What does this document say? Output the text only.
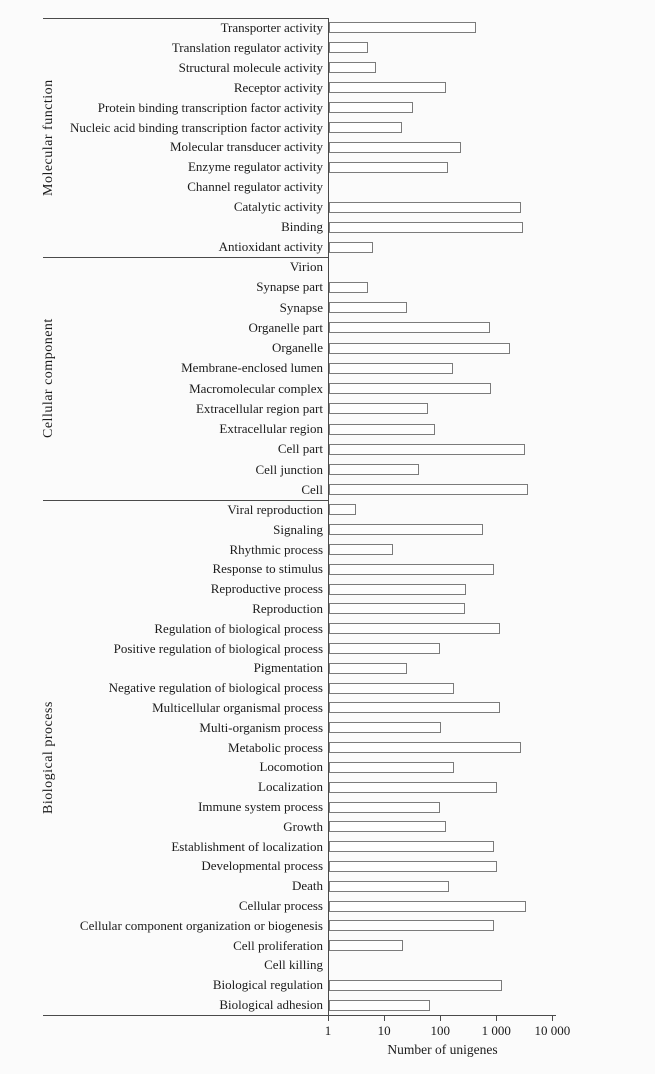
Transporter activity
Translation regulator activity
Structural molecule activity
Receptor activity
Protein binding transcription factor activity
Nucleic acid binding transcription factor activity
Molecular transducer activity
Enzyme regulator activity
Channel regulator activity
Catalytic activity
Binding
Antioxidant activity
Virion
Synapse part
Synapse
Organelle part
Organelle
Membrane-enclosed lumen
Macromolecular complex
Extracellular region part
Extracellular region
Cell part
Cell junction
Cell
Viral reproduction
Signaling
Rhythmic process
Response to stimulus
Reproductive process
Reproduction
Regulation of biological process
Positive regulation of biological process
Pigmentation
Negative regulation of biological process
Multicellular organismal process
Multi-organism process
Metabolic process
Locomotion
Localization
Immune system process
Growth
Establishment of localization
Developmental process
Death
Cellular process
Cellular component organization or biogenesis
Cell proliferation
Cell killing
Biological regulation
Biological adhesion
Molecular function
Cellular component
Biological process
1	10	100	1 000	10 000
Number of unigenes
